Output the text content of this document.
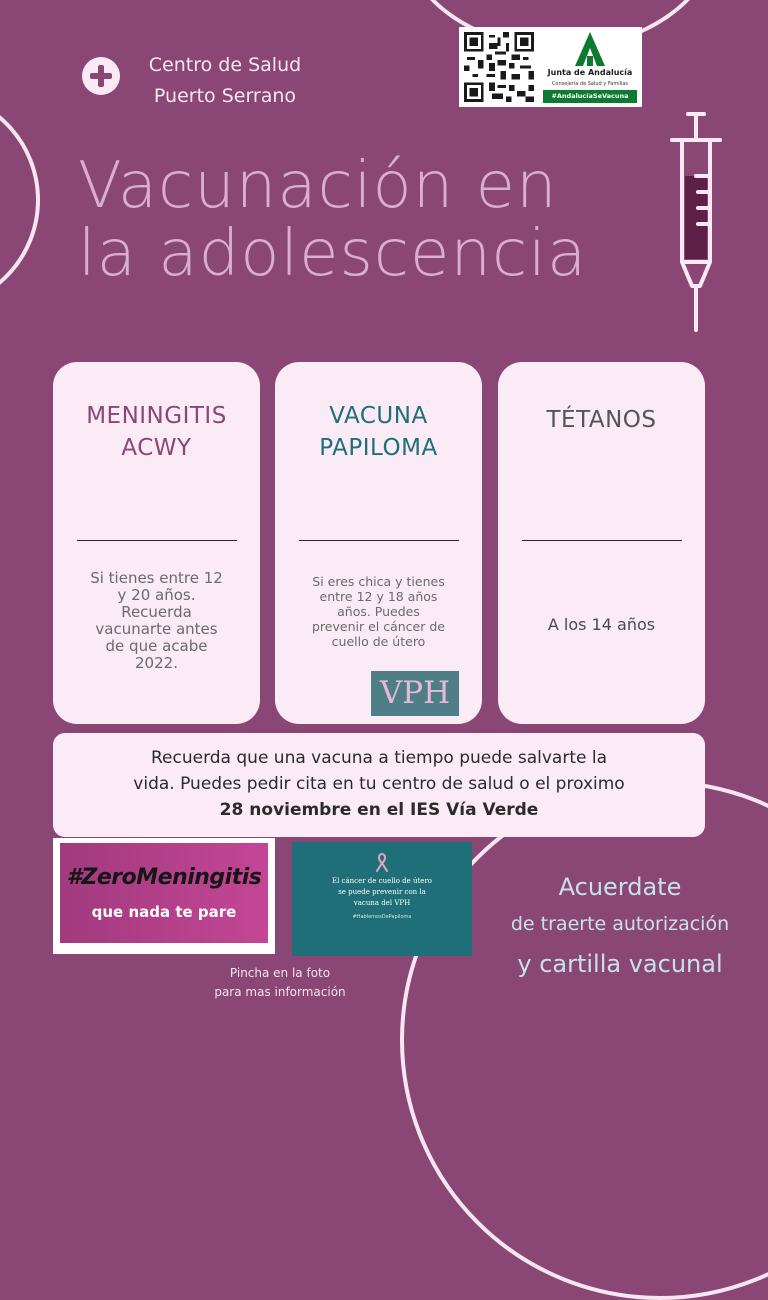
Centro de Salud
Puerto Serrano
Junta de Andalucía
Consejería de Salud y Familias
#AndalucíaSeVacuna
Vacunación en
la adolescencia
MENINGITIS
ACWY
Si tienes entre 12
y 20 años.
Recuerda
vacunarte antes
de que acabe
2022.
VACUNA
PAPILOMA
Si eres chica y tienes
entre 12 y 18 años
años. Puedes
prevenir el cáncer de
cuello de útero
VPH
TÉTANOS
A los 14 años
Recuerda que una vacuna a tiempo puede salvarte la
vida. Puedes pedir cita en tu centro de salud o el proximo
28 noviembre en el IES Vía Verde
#ZeroMeningitis
que nada te pare
El cáncer de cuello de útero
se puede prevenir con la
vacuna del VPH
#HablemosDePapiloma
Pincha en la foto
para mas información
Acuerdate
de traerte autorización
y cartilla vacunal
